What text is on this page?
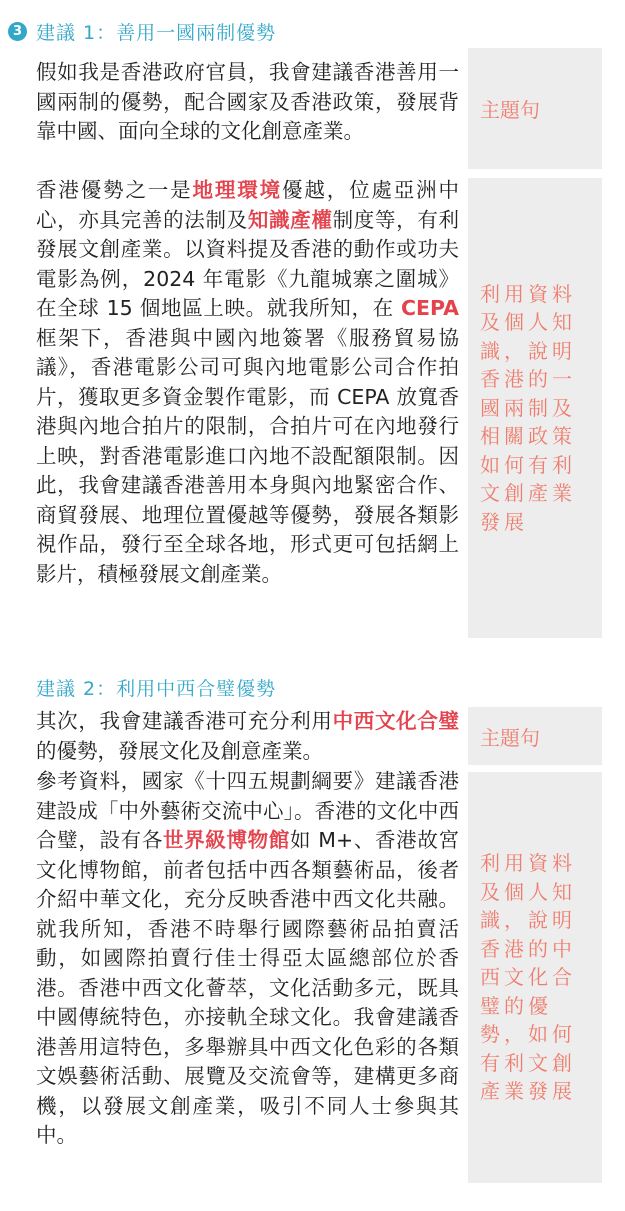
3 建議 1：善用一國兩制優勢

假如我是香港政府官員，我會建議香港善用一國兩制的優勢，配合國家及香港政策，發展背靠中國、面向全球的文化創意產業。

主題句

香港優勢之一是地理環境優越，位處亞洲中心，亦具完善的法制及知識產權制度等，有利發展文創產業。以資料提及香港的動作或功夫電影為例，2024 年電影《九龍城寨之圍城》在全球 15 個地區上映。就我所知，在 CEPA 框架下，香港與中國內地簽署《服務貿易協議》，香港電影公司可與內地電影公司合作拍片，獲取更多資金製作電影，而 CEPA 放寬香港與內地合拍片的限制，合拍片可在內地發行上映，對香港電影進口內地不設配額限制。因此，我會建議香港善用本身與內地緊密合作、商貿發展、地理位置優越等優勢，發展各類影視作品，發行至全球各地，形式更可包括網上影片，積極發展文創產業。

利用資料及個人知識，說明香港的一國兩制及相關政策如何有利文創產業發展
建議 2：利用中西合璧優勢

其次，我會建議香港可充分利用中西文化合璧的優勢，發展文化及創意產業。

主題句

參考資料，國家《十四五規劃綱要》建議香港建設成「中外藝術交流中心」。香港的文化中西合璧，設有各世界級博物館如 M+、香港故宮文化博物館，前者包括中西各類藝術品，後者介紹中華文化，充分反映香港中西文化共融。就我所知，香港不時舉行國際藝術品拍賣活動，如國際拍賣行佳士得亞太區總部位於香港。香港中西文化薈萃，文化活動多元，既具中國傳統特色，亦接軌全球文化。我會建議香港善用這特色，多舉辦具中西文化色彩的各類文娛藝術活動、展覽及交流會等，建構更多商機，以發展文創產業，吸引不同人士參與其中。

利用資料及個人知識，說明香港的中西文化合璧的優勢，如何有利文創產業發展
